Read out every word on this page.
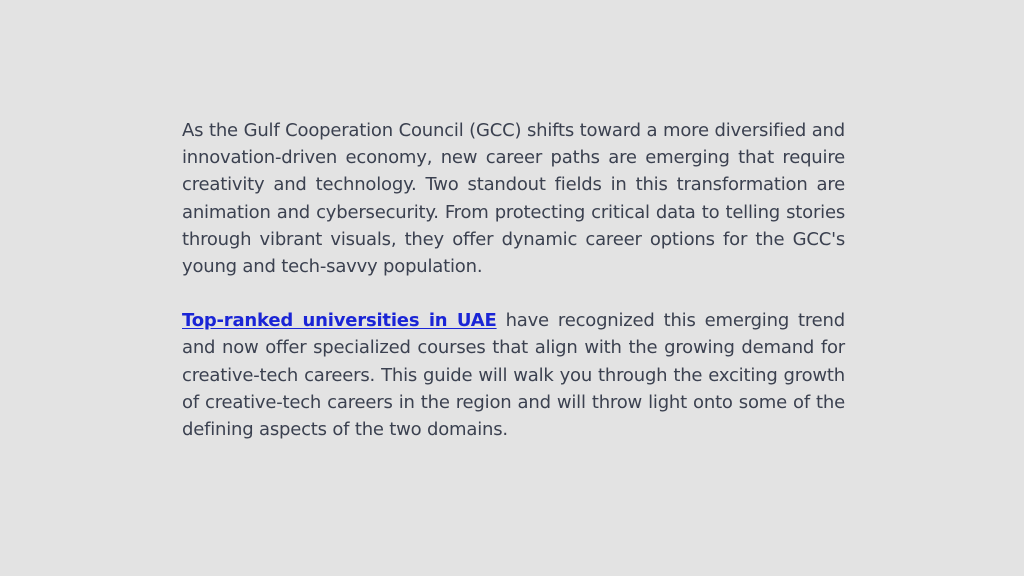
As the Gulf Cooperation Council (GCC) shifts toward a more diversified and innovation-driven economy, new career paths are emerging that require creativity and technology. Two standout fields in this transformation are animation and cybersecurity. From protecting critical data to telling stories through vibrant visuals, they offer dynamic career options for the GCC's young and tech-savvy population.

Top-ranked universities in UAE have recognized this emerging trend and now offer specialized courses that align with the growing demand for creative-tech careers. This guide will walk you through the exciting growth of creative-tech careers in the region and will throw light onto some of the defining aspects of the two domains.
